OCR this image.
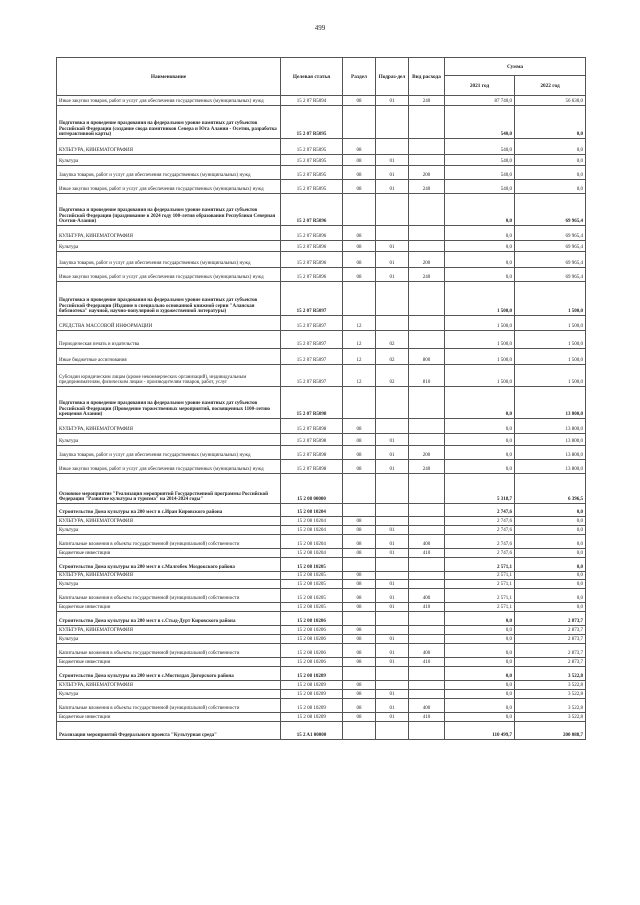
499
Наименование	Целевая статья	Раздел	Подраз-дел	Вид расхода	Сумма	
					2021 год	2022 год
Иные закупки товаров, работ и услуг для обеспечения государственных (муниципальных) нужд	15 2 07 R5094	08	01	240	87 740,0	56 630,0
Подготовка и проведение праздования на федеральном уровне памятных дат субъектов Российской Федерации (создание свода памятников Севера и Юга Алании - Осетии, разработка интерактивной карты)	15 2 07 R5095				540,0	0,0
КУЛЬТУРА, КИНЕМАТОГРАФИЯ	15 2 07 R5095	08			540,0	0,0
Культура	15 2 07 R5095	08	01		540,0	0,0
Закупка товаров, работ и услуг для обеспечения государственных (муниципальных) нужд	15 2 07 R5095	08	01	200	540,0	0,0
Иные закупки товаров, работ и услуг для обеспечения государственных (муниципальных) нужд	15 2 07 R5095	08	01	240	540,0	0,0
Подготовка и проведение праздования на федеральном уровне памятных дат субъектов Российской Федерации (празднование в 2024 году 100-летия образования Республики Северная Осетия-Алания)	15 2 07 R5096				0,0	69 965,4
КУЛЬТУРА, КИНЕМАТОГРАФИЯ	15 2 07 R5096	08			0,0	69 965,4
Культура	15 2 07 R5096	08	01		0,0	69 965,4
Закупка товаров, работ и услуг для обеспечения государственных (муниципальных) нужд	15 2 07 R5096	08	01	200	0,0	69 965,4
Иные закупки товаров, работ и услуг для обеспечения государственных (муниципальных) нужд	15 2 07 R5096	08	01	240	0,0	69 965,4
Подготовка и проведение праздования на федеральном уровне памятных дат субъектов Российской Федерации (Издание в специально основанной книжной серии "Аланская библиотека" научной, научно-популярной и художественной литературы)	15 2 07 R5097				1 500,0	1 500,0
СРЕДСТВА МАССОВОЙ ИНФОРМАЦИИ	15 2 07 R5097	12			1 500,0	1 500,0
Периодическая печать и издательства	15 2 07 R5097	12	02		1 500,0	1 500,0
Иные бюджетные ассигнования	15 2 07 R5097	12	02	800	1 500,0	1 500,0
Субсидии юридическим лицам (кроме некоммерческих организаций), индивидуальным предпринимателям, физическим лицам - производителям товаров, работ, услуг	15 2 07 R5097	12	02	810	1 500,0	1 500,0
Подготовка и проведение праздования на федеральном уровне памятных дат субъектов Российской Федерации (Проведение торжественных мероприятий, посвященных 1100-летию крещения Алании)	15 2 07 R5098				0,0	13 800,0
КУЛЬТУРА, КИНЕМАТОГРАФИЯ	15 2 07 R5098	08			0,0	13 800,0
Культура	15 2 07 R5098	08	01		0,0	13 800,0
Закупка товаров, работ и услуг для обеспечения государственных (муниципальных) нужд	15 2 07 R5098	08	01	200	0,0	13 800,0
Иные закупки товаров, работ и услуг для обеспечения государственных (муниципальных) нужд	15 2 07 R5098	08	01	240	0,0	13 800,0
Основное мероприятие "Реализация мероприятий Государственной программы Российской Федерации "Развитие культуры и туризма" на 2014-2024 годы"	15 2 08 00000				5 318,7	6 396,5
Строительство Дома культуры на 200 мест в с.Иран Кировского района	15 2 08 10204				2 747,6	0,0
КУЛЬТУРА, КИНЕМАТОГРАФИЯ	15 2 08 10204	08			2 747,6	0,0
Культура	15 2 08 10204	08	01		2 747,6	0,0
Капитальные вложения в объекты государственной (муниципальной) собственности	15 2 08 10204	08	01	400	2 747,6	0,0
Бюджетные инвестиции	15 2 08 10204	08	01	410	2 747,6	0,0
Строительство Дома культуры на 200 мест в с.Малгобек Моздокского района	15 2 08 10205				2 571,1	0,0
КУЛЬТУРА, КИНЕМАТОГРАФИЯ	15 2 08 10205	08			2 571,1	0,0
Культура	15 2 08 10205	08	01		2 571,1	0,0
Капитальные вложения в объекты государственной (муниципальной) собственности	15 2 08 10205	08	01	400	2 571,1	0,0
Бюджетные инвестиции	15 2 08 10205	08	01	410	2 571,1	0,0
Строительство Дома культуры на 200 мест в с.Стыд-Дурт Кировского района	15 2 08 10206				0,0	2 873,7
КУЛЬТУРА, КИНЕМАТОГРАФИЯ	15 2 08 10206	08			0,0	2 873,7
Культура	15 2 08 10206	08	01		0,0	2 873,7
Капитальные вложения в объекты государственной (муниципальной) собственности	15 2 08 10206	08	01	400	0,0	2 873,7
Бюджетные инвестиции	15 2 08 10206	08	01	410	0,0	2 873,7
Строительство Дома культуры на 200 мест в с.Мостиздах Дигорского района	15 2 08 10209				0,0	3 522,8
КУЛЬТУРА, КИНЕМАТОГРАФИЯ	15 2 08 10209	08			0,0	3 522,8
Культура	15 2 08 10209	08	01		0,0	3 522,8
Капитальные вложения в объекты государственной (муниципальной) собственности	15 2 08 10209	08	01	400	0,0	3 522,8
Бюджетные инвестиции	15 2 08 10209	08	01	410	0,0	3 522,8
Реализация мероприятий Федерального проекта "Культурная среда"	15 2 A1 00000				110 499,7	200 088,7
